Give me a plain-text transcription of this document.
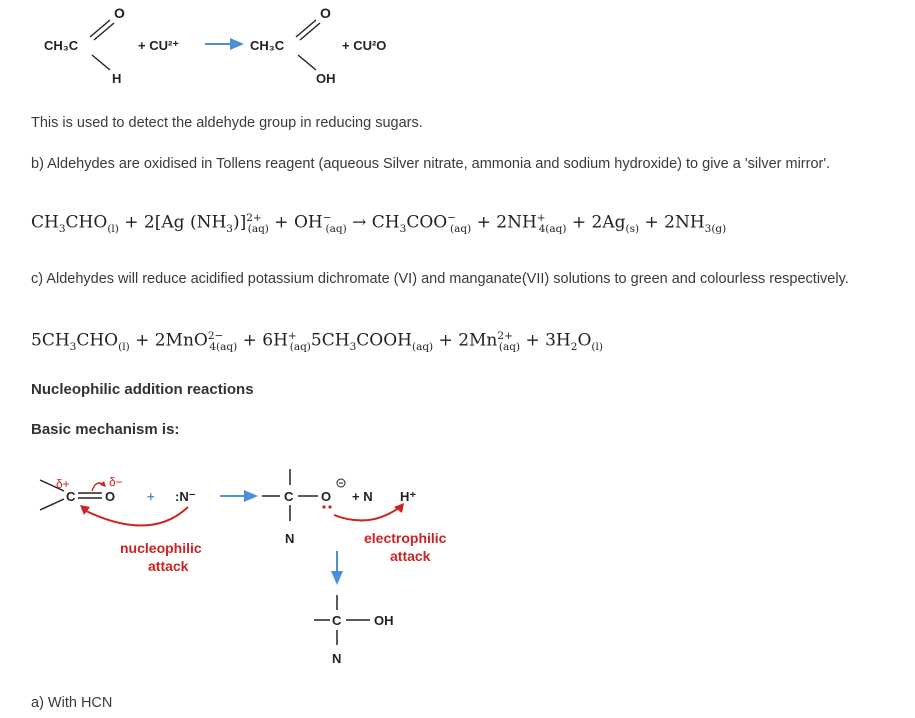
CH₃C
O
H
+ CU²⁺	CH₃C
O
OH
+ CU²O
This is used to detect the aldehyde group in reducing sugars.
b) Aldehydes are oxidised in Tollens reagent (aqueous Silver nitrate, ammonia and sodium hydroxide) to give a 'silver mirror'.
$CH_3CHO_{(l)} + 2[Ag$ $(NH_3)]^{2+}_{(aq)} + OH^-_{(aq)} \to CH_3COO^-_{(aq)} + 2NH^+_{4(aq)} + 2Ag_{(s)} + 2NH_{3(g)}$
c) Aldehydes will reduce acidified potassium dichromate (VI) and manganate(VII) solutions to green and colourless respectively.
$5CH_3CHO_{(l)} + 2MnO^{2-}_{4(aq)}$ + $6H^+_{(aq)}5CH_3COOH_{(aq)} + 2Mn^{2+}_{(aq)} + 3H_2O_{(l)}$
Nucleophilic addition reactions
Basic mechanism is:
δ+	δ−
C O + :N⁻
nucleophilic
attack
C
N
O + N H⁺
electrophilic
attack
C	OH
N
a) With HCN
